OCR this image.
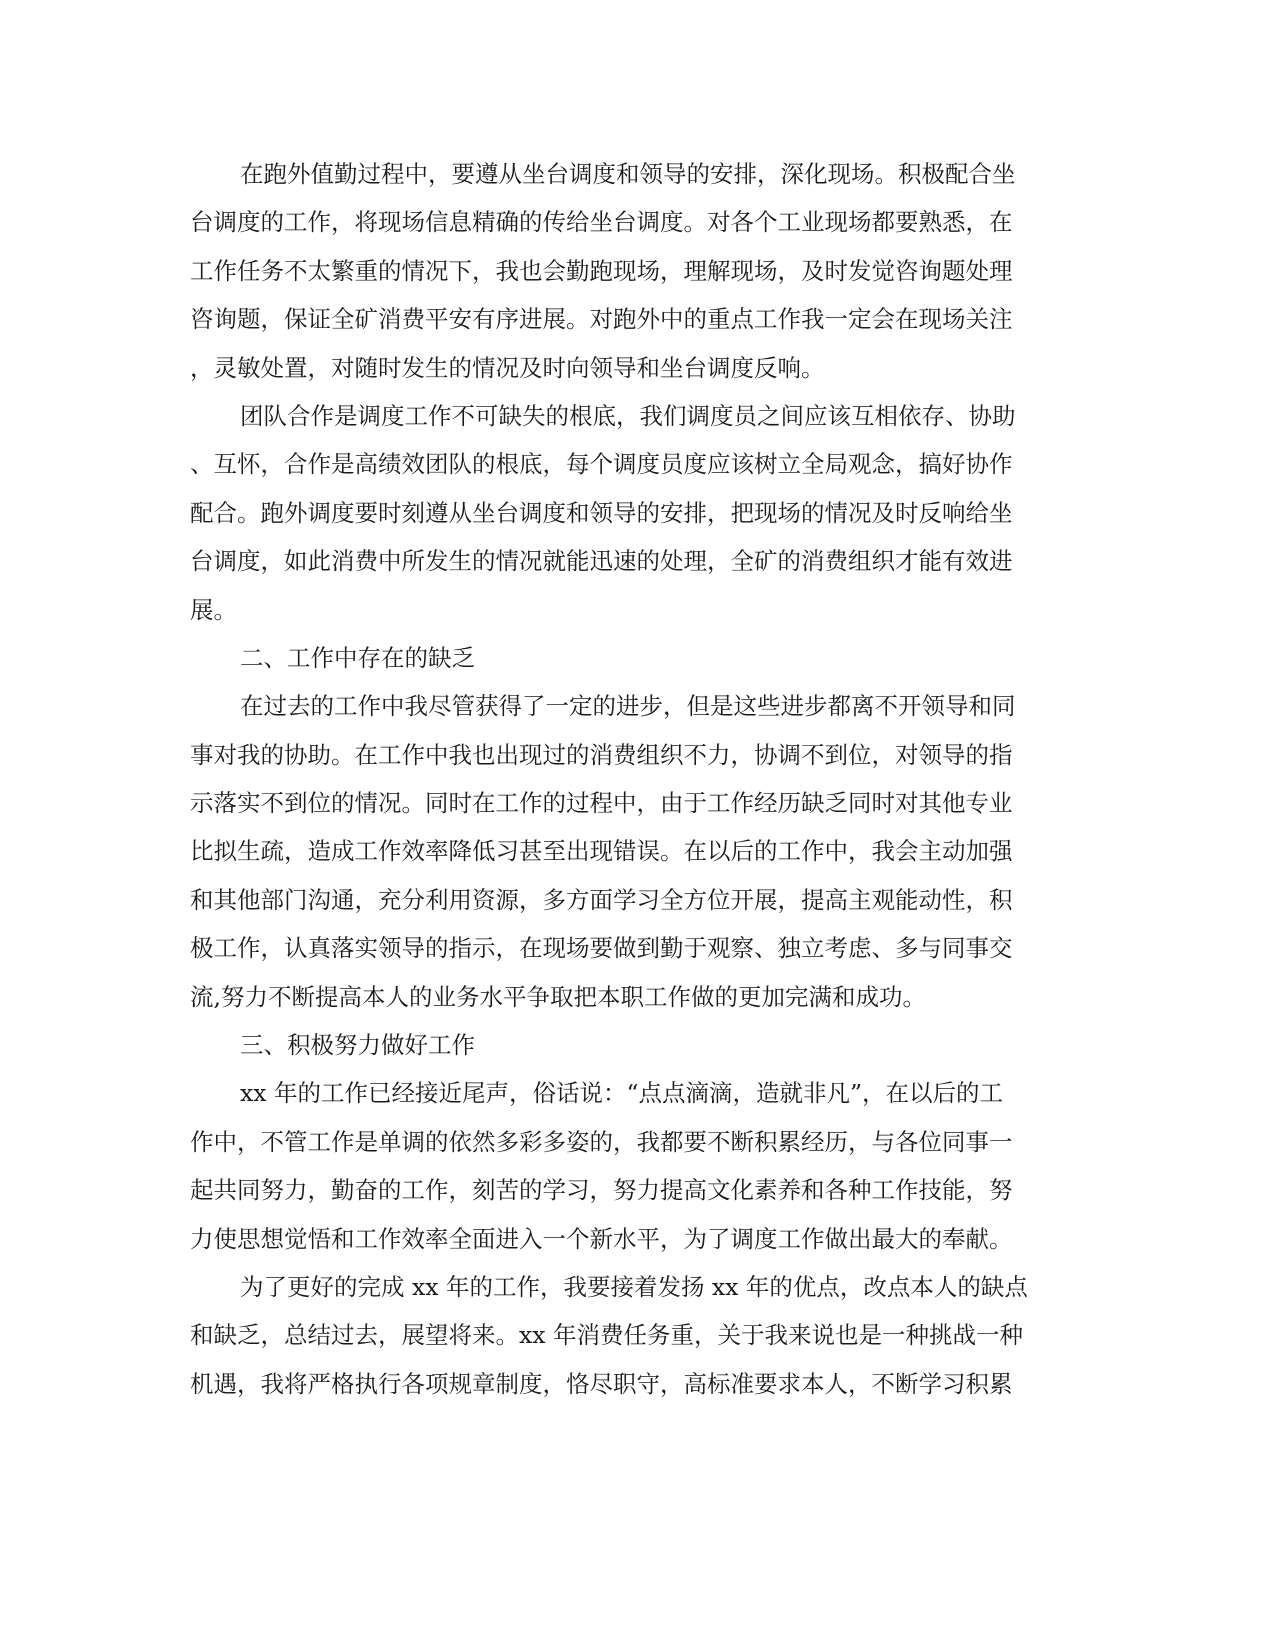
在跑外值勤过程中，要遵从坐台调度和领导的安排，深化现场。积极配合坐
台调度的工作，将现场信息精确的传给坐台调度。对各个工业现场都要熟悉，在
工作任务不太繁重的情况下，我也会勤跑现场，理解现场，及时发觉咨询题处理
咨询题，保证全矿消费平安有序进展。对跑外中的重点工作我一定会在现场关注
，灵敏处置，对随时发生的情况及时向领导和坐台调度反响。
团队合作是调度工作不可缺失的根底，我们调度员之间应该互相依存、协助
、互怀，合作是高绩效团队的根底，每个调度员度应该树立全局观念，搞好协作
配合。跑外调度要时刻遵从坐台调度和领导的安排，把现场的情况及时反响给坐
台调度，如此消费中所发生的情况就能迅速的处理，全矿的消费组织才能有效进
展。
二、工作中存在的缺乏
在过去的工作中我尽管获得了一定的进步，但是这些进步都离不开领导和同
事对我的协助。在工作中我也出现过的消费组织不力，协调不到位，对领导的指
示落实不到位的情况。同时在工作的过程中，由于工作经历缺乏同时对其他专业
比拟生疏，造成工作效率降低习甚至出现错误。在以后的工作中，我会主动加强
和其他部门沟通，充分利用资源，多方面学习全方位开展，提高主观能动性，积
极工作，认真落实领导的指示，在现场要做到勤于观察、独立考虑、多与同事交
流,努力不断提高本人的业务水平争取把本职工作做的更加完满和成功。
三、积极努力做好工作
xx 年的工作已经接近尾声，俗话说：“点点滴滴，造就非凡”，在以后的工
作中，不管工作是单调的依然多彩多姿的，我都要不断积累经历，与各位同事一
起共同努力，勤奋的工作，刻苦的学习，努力提高文化素养和各种工作技能，努
力使思想觉悟和工作效率全面进入一个新水平，为了调度工作做出最大的奉献。
为了更好的完成 xx 年的工作，我要接着发扬 xx 年的优点，改点本人的缺点
和缺乏，总结过去，展望将来。xx 年消费任务重，关于我来说也是一种挑战一种
机遇，我将严格执行各项规章制度，恪尽职守，高标准要求本人，不断学习积累
